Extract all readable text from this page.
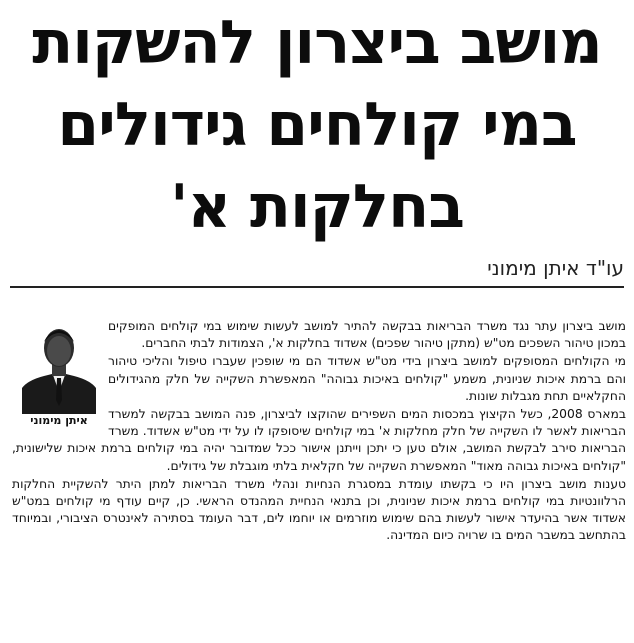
מושב ביצרון להשקות
במי קולחים גידולים
בחלקות א'
עו"ד איתן מימוני
איתן מימוני

מושב ביצרון עתר נגד משרד הבריאות בבקשה להתיר למושב לעשות שימוש במי קולחים המופקים במכון טיהור השפכים מט"ש (מתקן טיהור שפכים) אשדוד בחלקות א', הצמודות לבתי החברים.

מי הקולחים המסופקים למושב ביצרון בידי מט"ש אשדוד הם מי שופכין שעברו טיפול והליכי טיהור והם ברמת איכות שניונית, משמע "קולחים באיכות גבוהה" המאפשרת השקייה של חלק מהגידולים החקלאיים תחת מגבלות שונות.

במארס 2008, כשל הקיצוץ במכסות המים השפירים שהוקצו לביצרון, פנה המושב בבקשה למשרד הבריאות לאשר לו השקייה של חלק מחלקות א' במי קולחים שיסופקו לו על ידי מט"ש אשדוד. משרד הבריאות סירב לבקשת המושב, אולם טען כי יתכן וייתנן אישור ככל שמדובר יהיה במי קולחים ברמת איכות שלישונית, "קולחים באיכות גבוהה מאוד" המאפשרת השקייה של חקלאית בלתי מוגבלת של גידולים.

טענות מושב ביצרון היו כי בקשתו עומדת במסגרת הנחיות ונהלי משרד הבריאות למתן היתר להשקיית החלקות הרלוונטיות במי קולחים ברמת איכות שניונית, וכן בתנאי הנחיית המהנדס הראשי. כן, קיים עודף מי קולחים במט"ש אשדוד אשר בהיעדר אישור לעשות בהם שימוש מוזרמים או יוחמו לים, דבר העומד בסתירה לאינטרס הציבורי, ובמיוחד בהתחשב במשבר המים בו שרויה כיום המדינה.
